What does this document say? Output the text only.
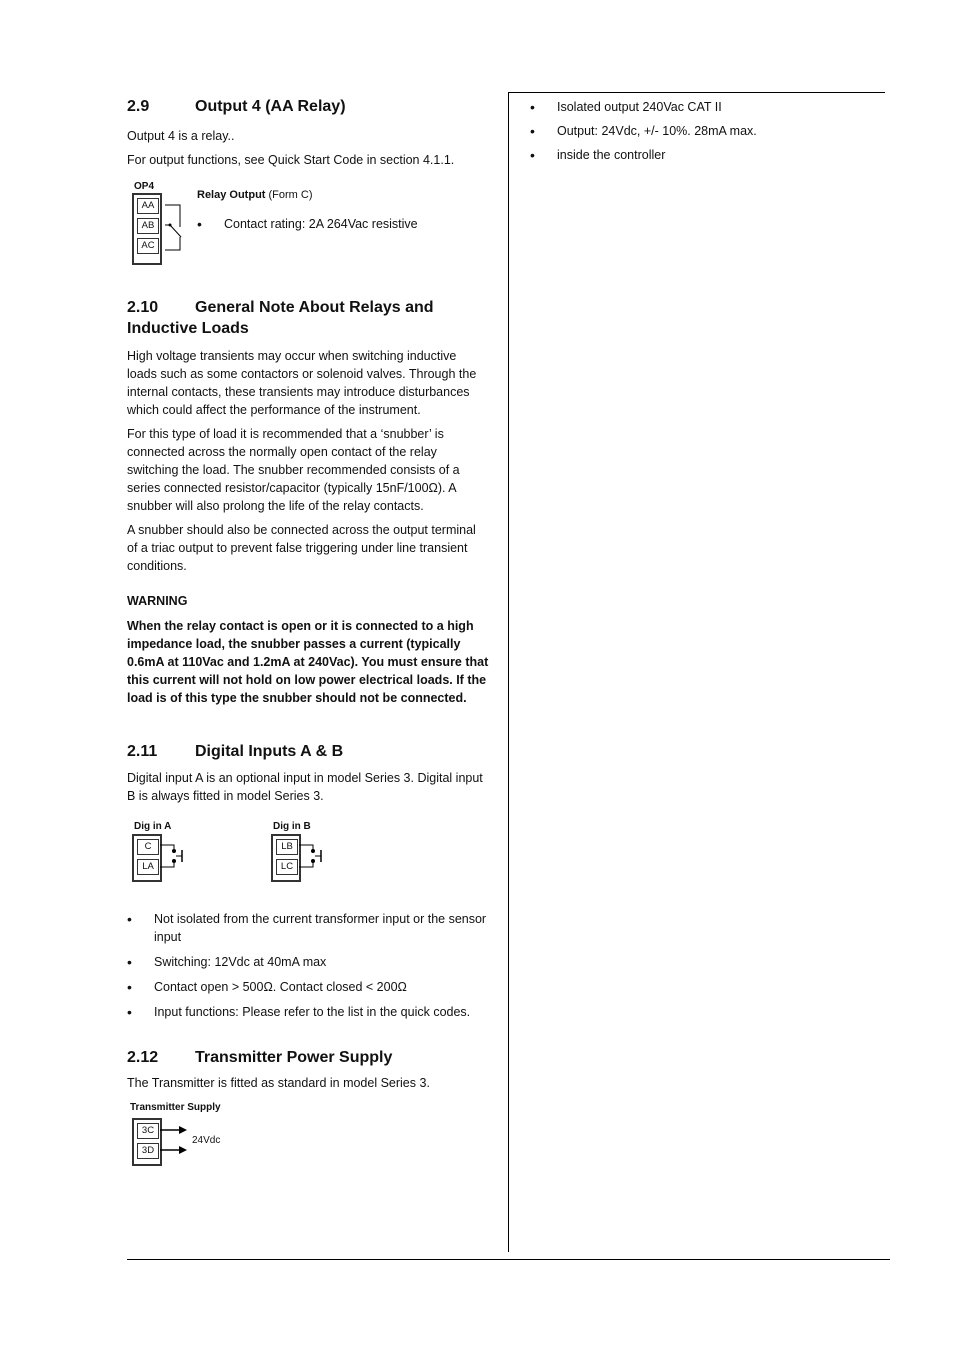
2.9	Output 4 (AA Relay)

Output 4 is a relay..

For output functions, see Quick Start Code in section 4.1.1.

OP4
AA
AB
AC
Relay Output (Form C)
• Contact rating: 2A 264Vac resistive
2.10 General Note About Relays and
Inductive Loads

High voltage transients may occur when switching inductive loads such as some contactors or solenoid valves. Through the internal contacts, these transients may introduce disturbances which could affect the performance of the instrument.

For this type of load it is recommended that a ‘snubber’ is connected across the normally open contact of the relay switching the load. The snubber recommended consists of a series connected resistor/capacitor (typically 15nF/100Ω). A snubber will also prolong the life of the relay contacts.

A snubber should also be connected across the output terminal of a triac output to prevent false triggering under line transient conditions.

WARNING

When the relay contact is open or it is connected to a high impedance load, the snubber passes a current (typically 0.6mA at 110Vac and 1.2mA at 240Vac). You must ensure that this current will not hold on low power electrical loads. If the load is of this type the snubber should not be connected.

2.11 Digital Inputs A & B

Digital input A is an optional input in model Series 3. Digital input B is always fitted in model Series 3.

Dig in A
C
LA
Dig in B
LB
LC
• Not isolated from the current transformer input or the sensor input
• Switching: 12Vdc at 40mA max
• Contact open > 500Ω. Contact closed < 200Ω
• Input functions: Please refer to the list in the quick codes.
2.12 Transmitter Power Supply

The Transmitter is fitted as standard in model Series 3.

Transmitter Supply
3C
3D
24Vdc
• Isolated output 240Vac CAT II
• Output: 24Vdc, +/- 10%. 28mA max.
• inside the controller
